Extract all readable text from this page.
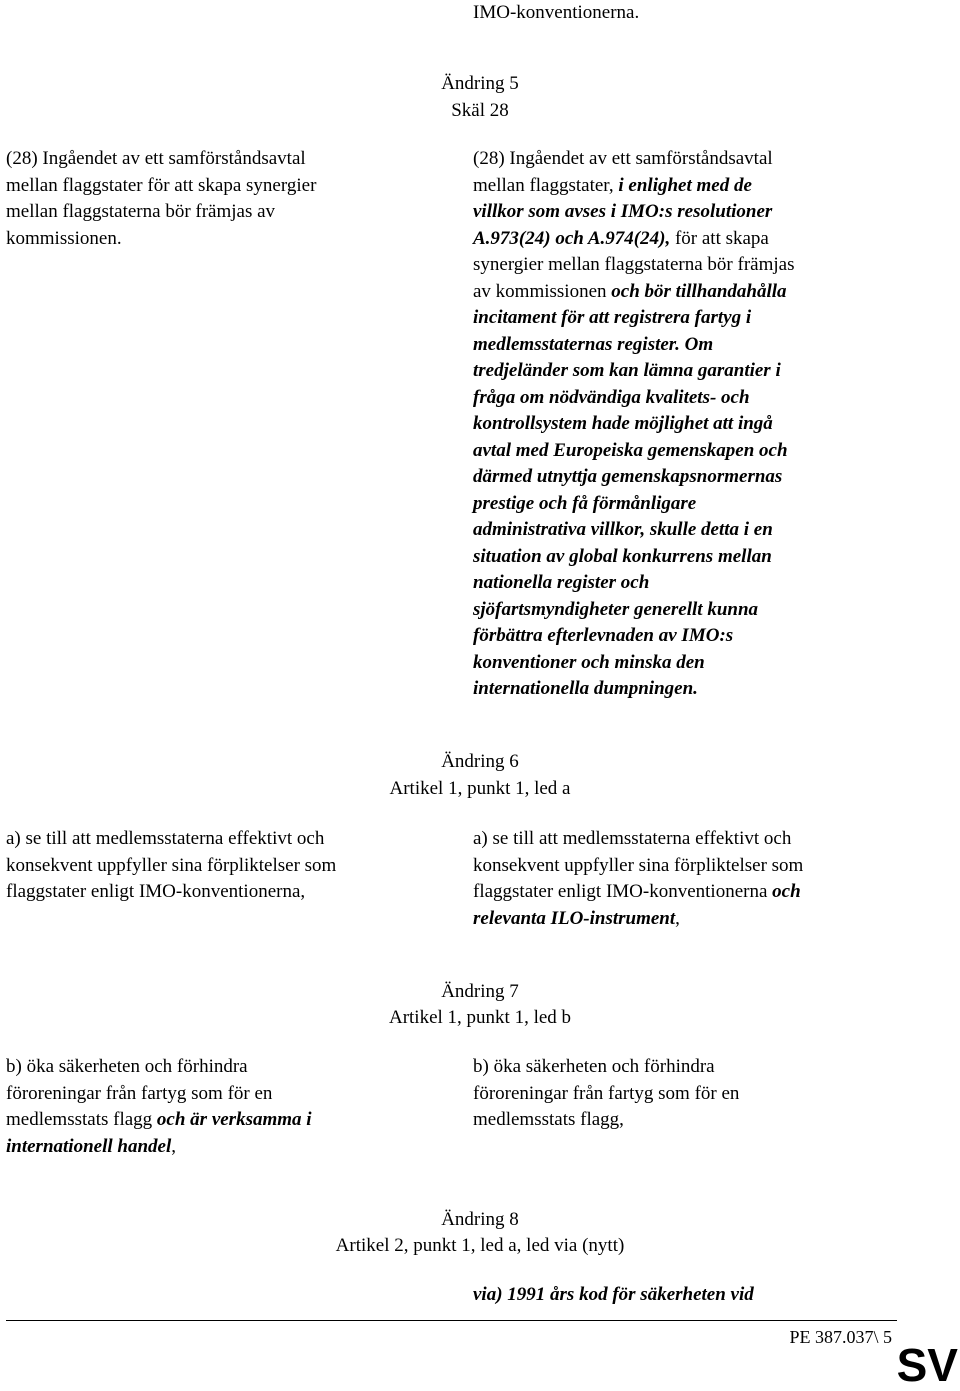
IMO-konventionerna.
Ändring 5
Skäl 28
(28) Ingåendet av ett samförståndsavtal
mellan flaggstater för att skapa synergier
mellan flaggstaterna bör främjas av
kommissionen.
(28) Ingåendet av ett samförståndsavtal
mellan flaggstater, i enlighet med de
villkor som avses i IMO:s resolutioner
A.973(24) och A.974(24), för att skapa
synergier mellan flaggstaterna bör främjas
av kommissionen och bör tillhandahålla
incitament för att registrera fartyg i
medlemsstaternas register. Om
tredjeländer som kan lämna garantier i
fråga om nödvändiga kvalitets- och
kontrollsystem hade möjlighet att ingå
avtal med Europeiska gemenskapen och
därmed utnyttja gemenskapsnormernas
prestige och få förmånligare
administrativa villkor, skulle detta i en
situation av global konkurrens mellan
nationella register och
sjöfartsmyndigheter generellt kunna
förbättra efterlevnaden av IMO:s
konventioner och minska den
internationella dumpningen.
Ändring 6
Artikel 1, punkt 1, led a
a) se till att medlemsstaterna effektivt och
konsekvent uppfyller sina förpliktelser som
flaggstater enligt IMO-konventionerna,
a) se till att medlemsstaterna effektivt och
konsekvent uppfyller sina förpliktelser som
flaggstater enligt IMO-konventionerna och
relevanta ILO-instrument,
Ändring 7
Artikel 1, punkt 1, led b
b) öka säkerheten och förhindra
föroreningar från fartyg som för en
medlemsstats flagg och är verksamma i
internationell handel,
b) öka säkerheten och förhindra
föroreningar från fartyg som för en
medlemsstats flagg,
Ändring 8
Artikel 2, punkt 1, led a, led via (nytt)
via) 1991 års kod för säkerheten vid
PE 387.037\ 5
SV
